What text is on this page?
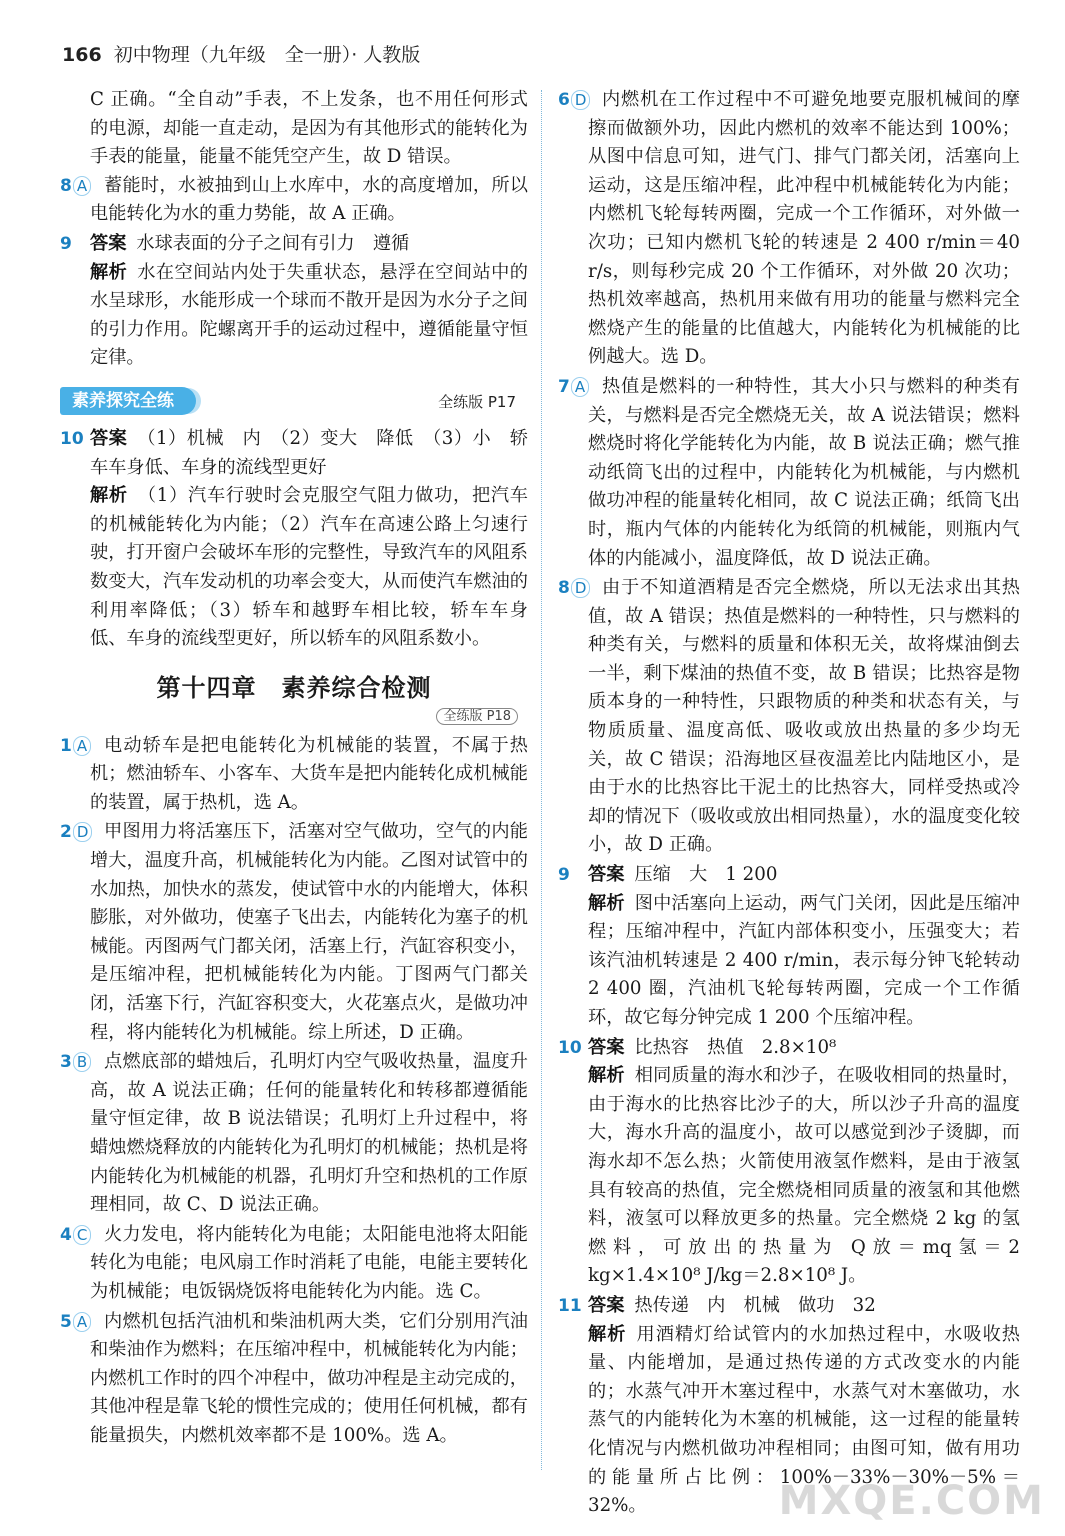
166 初中物理（九年级　全一册）· 人教版
C 正确。“全自动”手表，不上发条，也不用任何形式的电源，却能一直走动，是因为有其他形式的能转化为手表的能量，能量不能凭空产生，故 D 错误。
8 A 蓄能时，水被抽到山上水库中，水的高度增加，所以电能转化为水的重力势能，故 A 正确。
9 答案 水球表面的分子之间有引力　遵循
解析 水在空间站内处于失重状态，悬浮在空间站中的水呈球形，水能形成一个球而不散开是因为水分子之间的引力作用。陀螺离开手的运动过程中，遵循能量守恒定律。
素养探究全练	全练版 P17
10 答案 （1）机械　内　（2）变大　降低　（3）小　轿车车身低、车身的流线型更好
解析 （1）汽车行驶时会克服空气阻力做功，把汽车的机械能转化为内能；（2）汽车在高速公路上匀速行驶，打开窗户会破坏车形的完整性，导致汽车的风阻系数变大，汽车发动机的功率会变大，从而使汽车燃油的利用率降低；（3）轿车和越野车相比较，轿车车身低、车身的流线型更好，所以轿车的风阻系数小。
第十四章　素养综合检测
全练版 P18
1 A 电动轿车是把电能转化为机械能的装置，不属于热机；燃油轿车、小客车、大货车是把内能转化成机械能的装置，属于热机，选 A。
2 D 甲图用力将活塞压下，活塞对空气做功，空气的内能增大，温度升高，机械能转化为内能。乙图对试管中的水加热，加快水的蒸发，使试管中水的内能增大，体积膨胀，对外做功，使塞子飞出去，内能转化为塞子的机械能。丙图两气门都关闭，活塞上行，汽缸容积变小，是压缩冲程，把机械能转化为内能。丁图两气门都关闭，活塞下行，汽缸容积变大，火花塞点火，是做功冲程，将内能转化为机械能。综上所述，D 正确。
3 B 点燃底部的蜡烛后，孔明灯内空气吸收热量，温度升高，故 A 说法正确；任何的能量转化和转移都遵循能量守恒定律，故 B 说法错误；孔明灯上升过程中，将蜡烛燃烧释放的内能转化为孔明灯的机械能；热机是将内能转化为机械能的机器，孔明灯升空和热机的工作原理相同，故 C、D 说法正确。
4 C 火力发电，将内能转化为电能；太阳能电池将太阳能转化为电能；电风扇工作时消耗了电能，电能主要转化为机械能；电饭锅烧饭将电能转化为内能。选 C。
5 A 内燃机包括汽油机和柴油机两大类，它们分别用汽油和柴油作为燃料；在压缩冲程中，机械能转化为内能；内燃机工作时的四个冲程中，做功冲程是主动完成的，其他冲程是靠飞轮的惯性完成的；使用任何机械，都有能量损失，内燃机效率都不是 100%。选 A。
6 D 内燃机在工作过程中不可避免地要克服机械间的摩擦而做额外功，因此内燃机的效率不能达到 100%；从图中信息可知，进气门、排气门都关闭，活塞向上运动，这是压缩冲程，此冲程中机械能转化为内能；内燃机飞轮每转两圈，完成一个工作循环，对外做一次功；已知内燃机飞轮的转速是 2 400 r/min＝40 r/s，则每秒完成 20 个工作循环，对外做 20 次功；热机效率越高，热机用来做有用功的能量与燃料完全燃烧产生的能量的比值越大，内能转化为机械能的比例越大。选 D。
7 A 热值是燃料的一种特性，其大小只与燃料的种类有关，与燃料是否完全燃烧无关，故 A 说法错误；燃料燃烧时将化学能转化为内能，故 B 说法正确；燃气推动纸筒飞出的过程中，内能转化为机械能，与内燃机做功冲程的能量转化相同，故 C 说法正确；纸筒飞出时，瓶内气体的内能转化为纸筒的机械能，则瓶内气体的内能减小，温度降低，故 D 说法正确。
8 D 由于不知道酒精是否完全燃烧，所以无法求出其热值，故 A 错误；热值是燃料的一种特性，只与燃料的种类有关，与燃料的质量和体积无关，故将煤油倒去一半，剩下煤油的热值不变，故 B 错误；比热容是物质本身的一种特性，只跟物质的种类和状态有关，与物质质量、温度高低、吸收或放出热量的多少均无关，故 C 错误；沿海地区昼夜温差比内陆地区小，是由于水的比热容比干泥土的比热容大，同样受热或冷却的情况下（吸收或放出相同热量），水的温度变化较小，故 D 正确。
9 答案 压缩　大　1 200
解析 图中活塞向上运动，两气门关闭，因此是压缩冲程；压缩冲程中，汽缸内部体积变小，压强变大；若该汽油机转速是 2 400 r/min，表示每分钟飞轮转动 2 400 圈，汽油机飞轮每转两圈，完成一个工作循环，故它每分钟完成 1 200 个压缩冲程。
10 答案 比热容　热值　2.8×10⁸
解析 相同质量的海水和沙子，在吸收相同的热量时，由于海水的比热容比沙子的大，所以沙子升高的温度大，海水升高的温度小，故可以感觉到沙子烫脚，而海水却不怎么热；火箭使用液氢作燃料，是由于液氢具有较高的热值，完全燃烧相同质量的液氢和其他燃料，液氢可以释放更多的热量。完全燃烧 2 kg 的氢燃料，可放出的热量为 Q放＝mq氢＝2 kg×1.4×10⁸ J/kg＝2.8×10⁸ J。
11 答案 热传递　内　机械　做功　32
解析 用酒精灯给试管内的水加热过程中，水吸收热量、内能增加，是通过热传递的方式改变水的内能的；水蒸气冲开木塞过程中，水蒸气对木塞做功，水蒸气的内能转化为木塞的机械能，这一过程的能量转化情况与内燃机做功冲程相同；由图可知，做有用功的能量所占比例：100%－33%－30%－5%＝32%。	MXQE.COM
